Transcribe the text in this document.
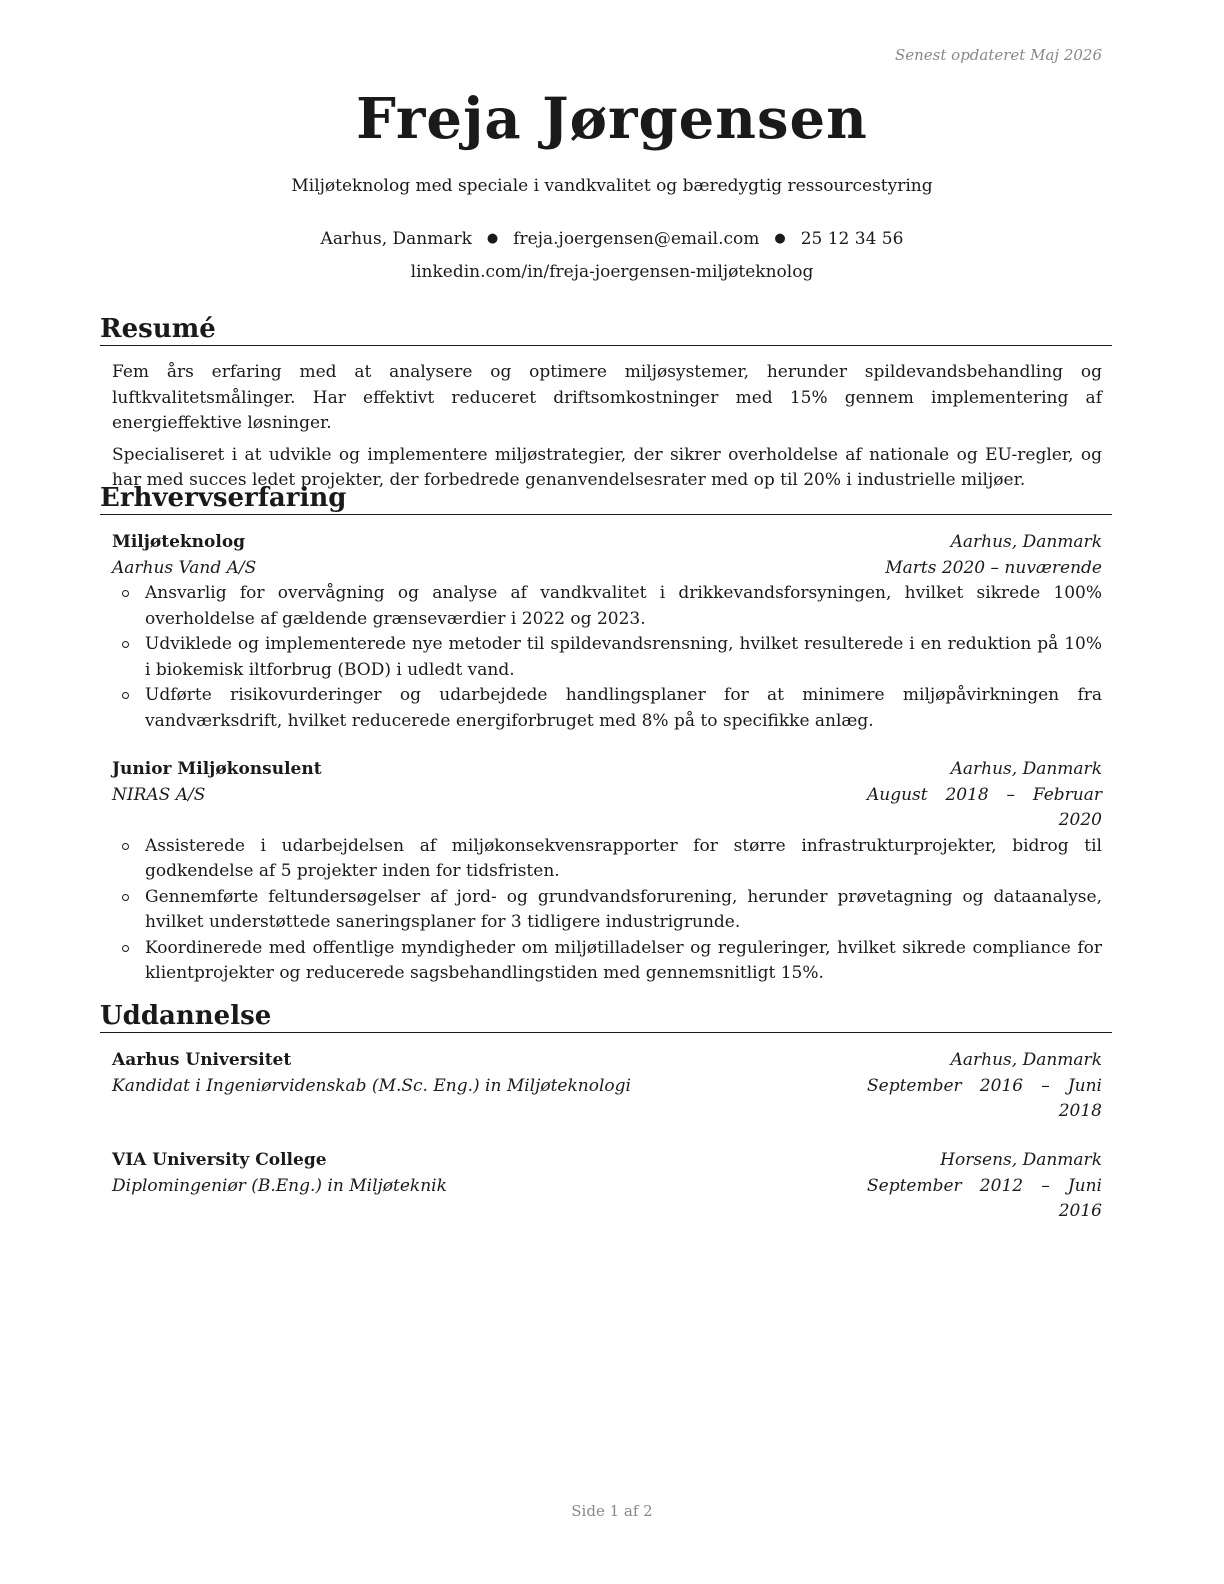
Senest opdateret Maj 2026
Freja Jørgensen
Miljøteknolog med speciale i vandkvalitet og bæredygtig ressourcestyring
Aarhus, Danmark ● freja.joergensen@email.com ● 25 12 34 56
linkedin.com/in/freja-joergensen-miljøteknolog
Resumé

Fem års erfaring med at analysere og optimere miljøsystemer, herunder spildevandsbehandling og luftkvalitetsmålinger. Har effektivt reduceret driftsomkostninger med 15% gennem implementering af energieffektive løsninger.

Specialiseret i at udvikle og implementere miljøstrategier, der sikrer overholdelse af nationale og EU-regler, og har med succes ledet projekter, der forbedrede genanvendelsesrater med op til 20% i industrielle miljøer.

Erhvervserfaring
Miljøteknolog	Aarhus, Danmark
Aarhus Vand A/S	Marts 2020 – nuværende
Ansvarlig for overvågning og analyse af vandkvalitet i drikkevandsforsyningen, hvilket sikrede 100% overholdelse af gældende grænseværdier i 2022 og 2023.
Udviklede og implementerede nye metoder til spildevandsrensning, hvilket resulterede i en reduktion på 10% i biokemisk iltforbrug (BOD) i udledt vand.
Udførte risikovurderinger og udarbejdede handlingsplaner for at minimere miljøpåvirkningen fra vandværksdrift, hvilket reducerede energiforbruget med 8% på to specifikke anlæg.
Junior Miljøkonsulent	Aarhus, Danmark
NIRAS A/S	August 2018 – Februar 2020
Assisterede i udarbejdelsen af miljøkonsekvensrapporter for større infrastrukturprojekter, bidrog til godkendelse af 5 projekter inden for tidsfristen.
Gennemførte feltundersøgelser af jord- og grundvandsforurening, herunder prøvetagning og dataanalyse, hvilket understøttede saneringsplaner for 3 tidligere industrigrunde.
Koordinerede med offentlige myndigheder om miljøtilladelser og reguleringer, hvilket sikrede compliance for klientprojekter og reducerede sagsbehandlingstiden med gennemsnitligt 15%.
Uddannelse
Aarhus Universitet	Aarhus, Danmark
Kandidat i Ingeniørvidenskab (M.Sc. Eng.) in Miljøteknologi	September 2016 – Juni 2018
VIA University College	Horsens, Danmark
Diplomingeniør (B.Eng.) in Miljøteknik	September 2012 – Juni 2016
Side 1 af 2
